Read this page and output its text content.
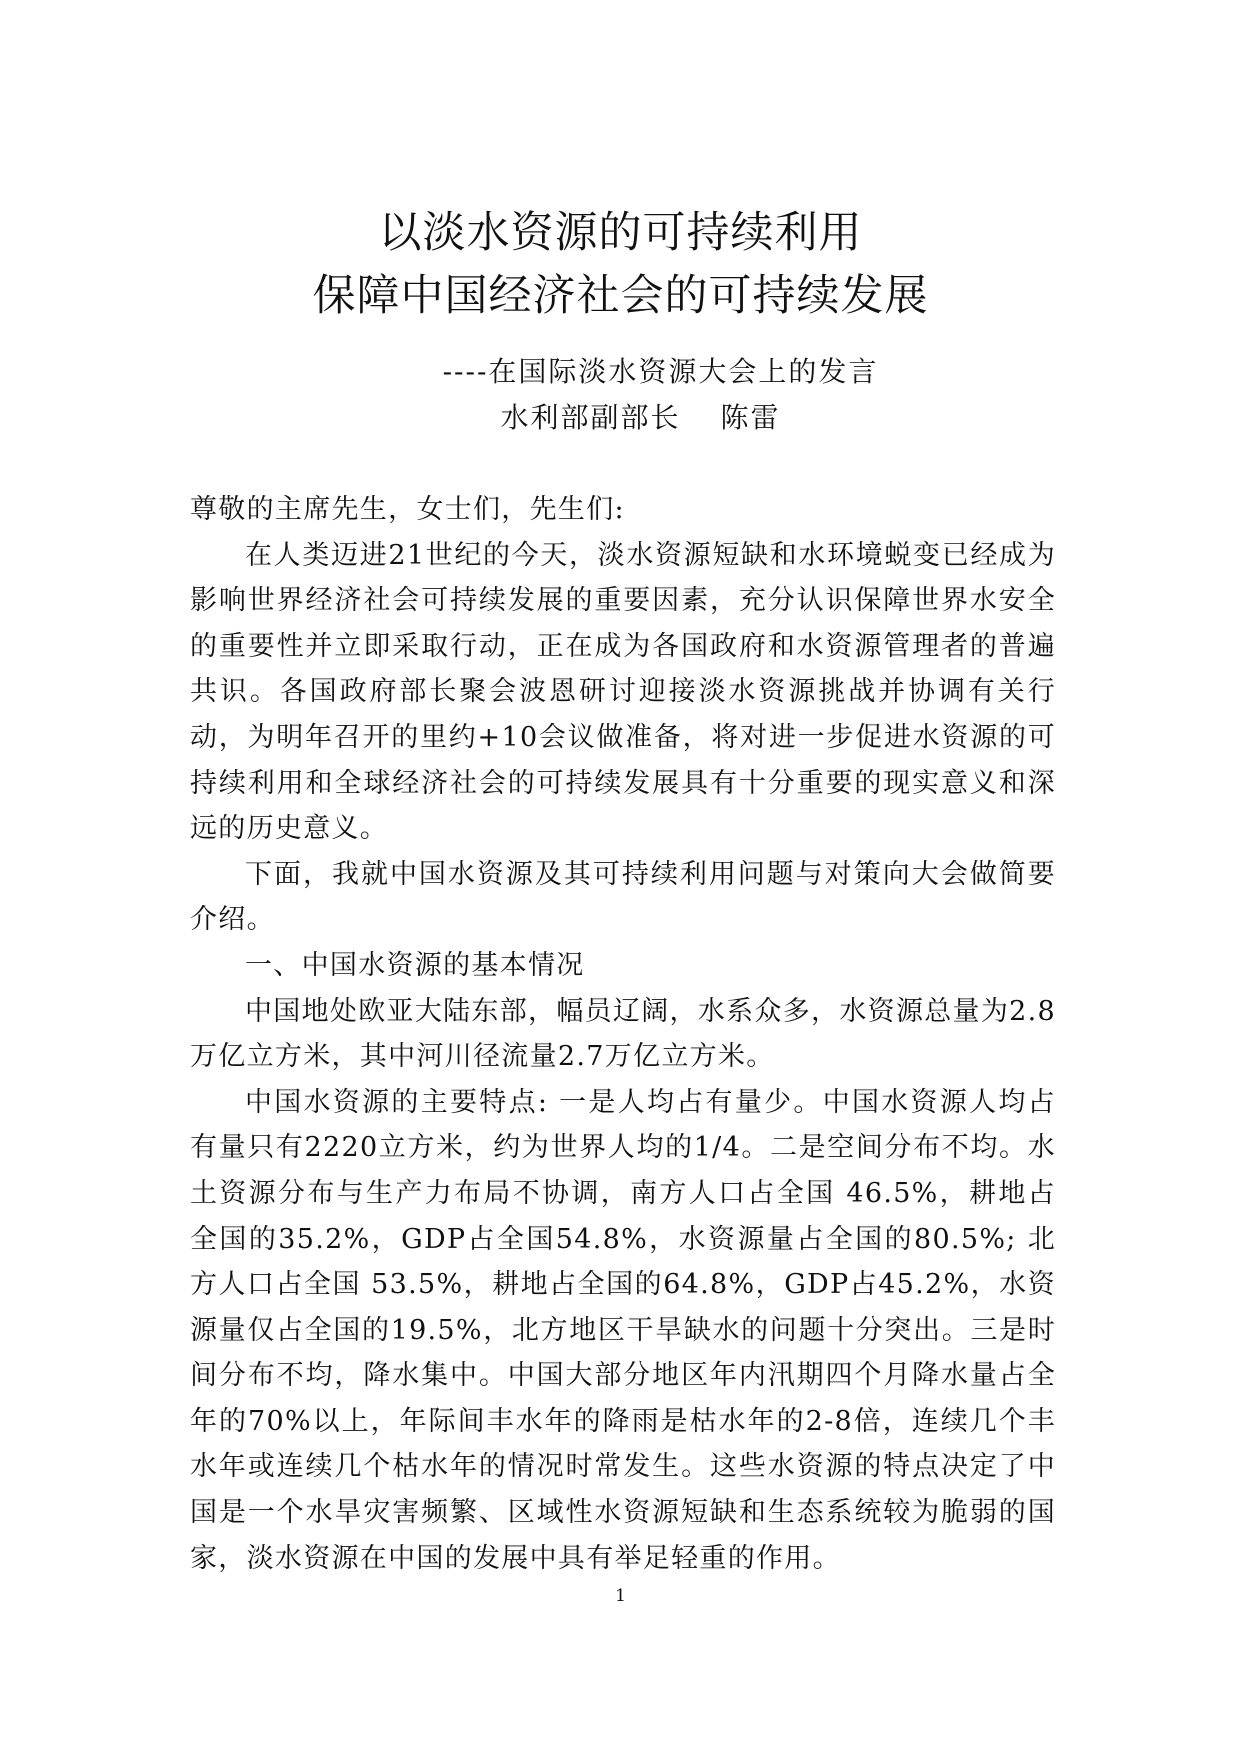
以淡水资源的可持续利用
保障中国经济社会的可持续发展
----在国际淡水资源大会上的发言
水利部副部长 陈雷

尊敬的主席先生，女士们，先生们:

在人类迈进21世纪的今天，淡水资源短缺和水环境蜕变已经成为影响世界经济社会可持续发展的重要因素，充分认识保障世界水安全的重要性并立即采取行动，正在成为各国政府和水资源管理者的普遍共识。各国政府部长聚会波恩研讨迎接淡水资源挑战并协调有关行动，为明年召开的里约+10会议做准备，将对进一步促进水资源的可持续利用和全球经济社会的可持续发展具有十分重要的现实意义和深远的历史意义。

下面，我就中国水资源及其可持续利用问题与对策向大会做简要介绍。

一、中国水资源的基本情况

中国地处欧亚大陆东部，幅员辽阔，水系众多，水资源总量为2.8万亿立方米，其中河川径流量2.7万亿立方米。

中国水资源的主要特点: 一是人均占有量少。中国水资源人均占有量只有2220立方米，约为世界人均的1/4。二是空间分布不均。水土资源分布与生产力布局不协调，南方人口占全国 46.5%，耕地占全国的35.2%，GDP占全国54.8%，水资源量占全国的80.5%; 北方人口占全国 53.5%，耕地占全国的64.8%，GDP占45.2%，水资源量仅占全国的19.5%，北方地区干旱缺水的问题十分突出。三是时间分布不均，降水集中。中国大部分地区年内汛期四个月降水量占全年的70%以上，年际间丰水年的降雨是枯水年的2-8倍，连续几个丰水年或连续几个枯水年的情况时常发生。这些水资源的特点决定了中国是一个水旱灾害频繁、区域性水资源短缺和生态系统较为脆弱的国家，淡水资源在中国的发展中具有举足轻重的作用。

1
